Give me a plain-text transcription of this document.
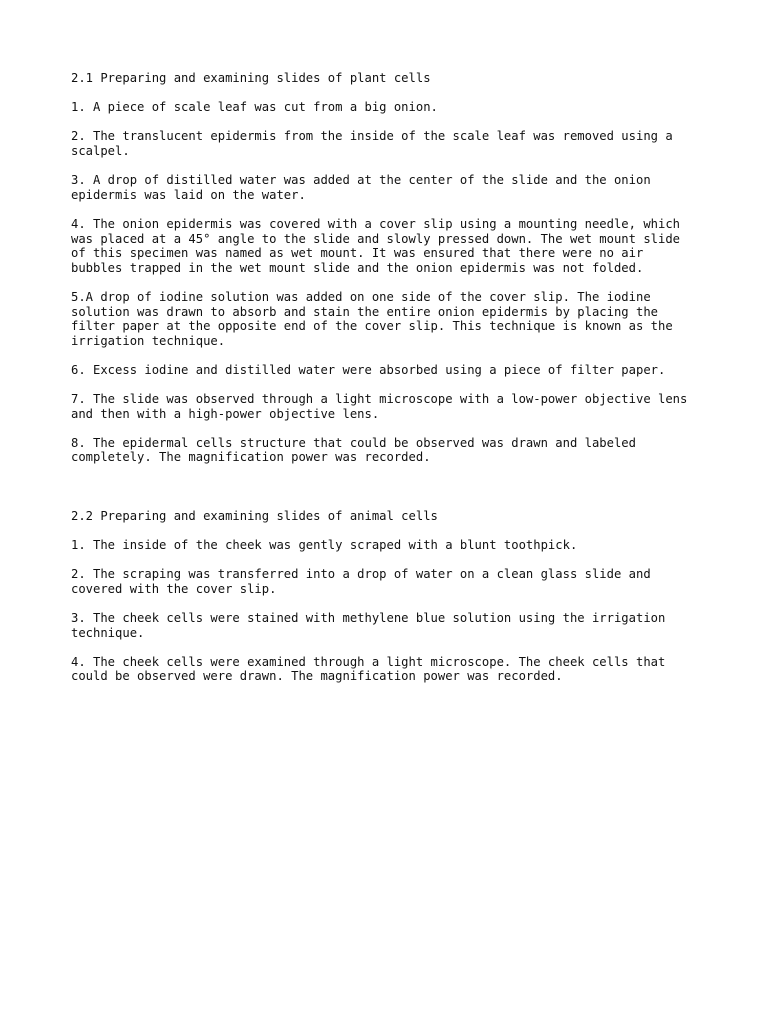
2.1 Preparing and examining slides of plant cells

1. A piece of scale leaf was cut from a big onion.

2. The translucent epidermis from the inside of the scale leaf was removed using a scalpel.

3. A drop of distilled water was added at the center of the slide and the onion epidermis was laid on the water.

4. The onion epidermis was covered with a cover slip using a mounting needle, which was placed at a 45° angle to the slide and slowly pressed down. The wet mount slide of this specimen was named as wet mount. It was ensured that there were no air bubbles trapped in the wet mount slide and the onion epidermis was not folded.

5.A drop of iodine solution was added on one side of the cover slip. The iodine solution was drawn to absorb and stain the entire onion epidermis by placing the filter paper at the opposite end of the cover slip. This technique is known as the irrigation technique.

6. Excess iodine and distilled water were absorbed using a piece of filter paper.

7. The slide was observed through a light microscope with a low-power objective lens and then with a high-power objective lens.

8. The epidermal cells structure that could be observed was drawn and labeled completely. The magnification power was recorded.

2.2 Preparing and examining slides of animal cells

1. The inside of the cheek was gently scraped with a blunt toothpick.

2. The scraping was transferred into a drop of water on a clean glass slide and covered with the cover slip.

3. The cheek cells were stained with methylene blue solution using the irrigation technique.

4. The cheek cells were examined through a light microscope. The cheek cells that could be observed were drawn. The magnification power was recorded.
